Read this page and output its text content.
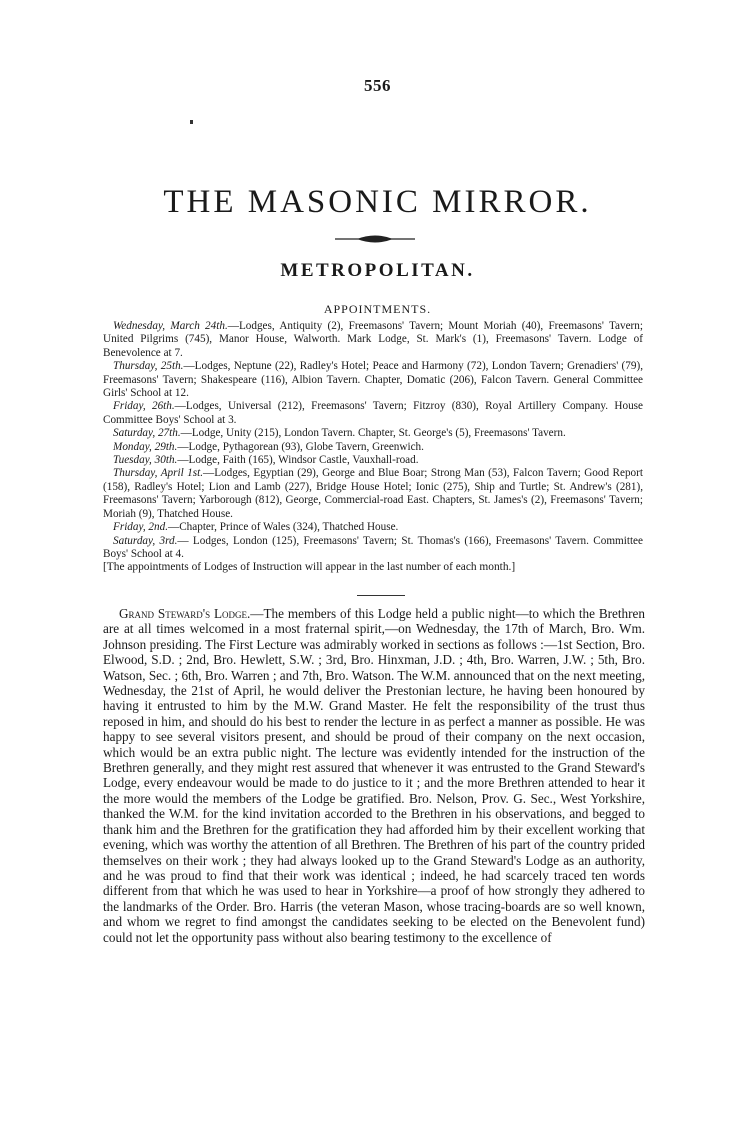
556
THE MASONIC MIRROR.
METROPOLITAN.
APPOINTMENTS.

Wednesday, March 24th.—Lodges, Antiquity (2), Freemasons' Tavern; Mount Moriah (40), Freemasons' Tavern; United Pilgrims (745), Manor House, Walworth. Mark Lodge, St. Mark's (1), Freemasons' Tavern. Lodge of Benevolence at 7.

Thursday, 25th.—Lodges, Neptune (22), Radley's Hotel; Peace and Harmony (72), London Tavern; Grenadiers' (79), Freemasons' Tavern; Shakespeare (116), Albion Tavern. Chapter, Domatic (206), Falcon Tavern. General Committee Girls' School at 12.

Friday, 26th.—Lodges, Universal (212), Freemasons' Tavern; Fitzroy (830), Royal Artillery Company. House Committee Boys' School at 3.

Saturday, 27th.—Lodge, Unity (215), London Tavern. Chapter, St. George's (5), Freemasons' Tavern.

Monday, 29th.—Lodge, Pythagorean (93), Globe Tavern, Greenwich.

Tuesday, 30th.—Lodge, Faith (165), Windsor Castle, Vauxhall-road.

Thursday, April 1st.—Lodges, Egyptian (29), George and Blue Boar; Strong Man (53), Falcon Tavern; Good Report (158), Radley's Hotel; Lion and Lamb (227), Bridge House Hotel; Ionic (275), Ship and Turtle; St. Andrew's (281), Freemasons' Tavern; Yarborough (812), George, Commercial-road East. Chapters, St. James's (2), Freemasons' Tavern; Moriah (9), Thatched House.

Friday, 2nd.—Chapter, Prince of Wales (324), Thatched House.

Saturday, 3rd.— Lodges, London (125), Freemasons' Tavern; St. Thomas's (166), Freemasons' Tavern. Committee Boys' School at 4.

[The appointments of Lodges of Instruction will appear in the last number of each month.]

Grand Steward's Lodge.—The members of this Lodge held a public night—to which the Brethren are at all times welcomed in a most fraternal spirit,—on Wednesday, the 17th of March, Bro. Wm. Johnson presiding. The First Lecture was admirably worked in sections as follows :—1st Section, Bro. Elwood, S.D. ; 2nd, Bro. Hewlett, S.W. ; 3rd, Bro. Hinxman, J.D. ; 4th, Bro. Warren, J.W. ; 5th, Bro. Watson, Sec. ; 6th, Bro. Warren ; and 7th, Bro. Watson. The W.M. announced that on the next meeting, Wednesday, the 21st of April, he would deliver the Prestonian lecture, he having been honoured by having it entrusted to him by the M.W. Grand Master. He felt the responsibility of the trust thus reposed in him, and should do his best to render the lecture in as perfect a manner as possible. He was happy to see several visitors present, and should be proud of their company on the next occasion, which would be an extra public night. The lecture was evidently intended for the instruction of the Brethren generally, and they might rest assured that whenever it was entrusted to the Grand Steward's Lodge, every endeavour would be made to do justice to it ; and the more Brethren attended to hear it the more would the members of the Lodge be gratified. Bro. Nelson, Prov. G. Sec., West Yorkshire, thanked the W.M. for the kind invitation accorded to the Brethren in his observations, and begged to thank him and the Brethren for the gratification they had afforded him by their excellent working that evening, which was worthy the attention of all Brethren. The Brethren of his part of the country prided themselves on their work ; they had always looked up to the Grand Steward's Lodge as an authority, and he was proud to find that their work was identical ; indeed, he had scarcely traced ten words different from that which he was used to hear in Yorkshire—a proof of how strongly they adhered to the landmarks of the Order. Bro. Harris (the veteran Mason, whose tracing-boards are so well known, and whom we regret to find amongst the candidates seeking to be elected on the Benevolent fund) could not let the opportunity pass without also bearing testimony to the excellence of
